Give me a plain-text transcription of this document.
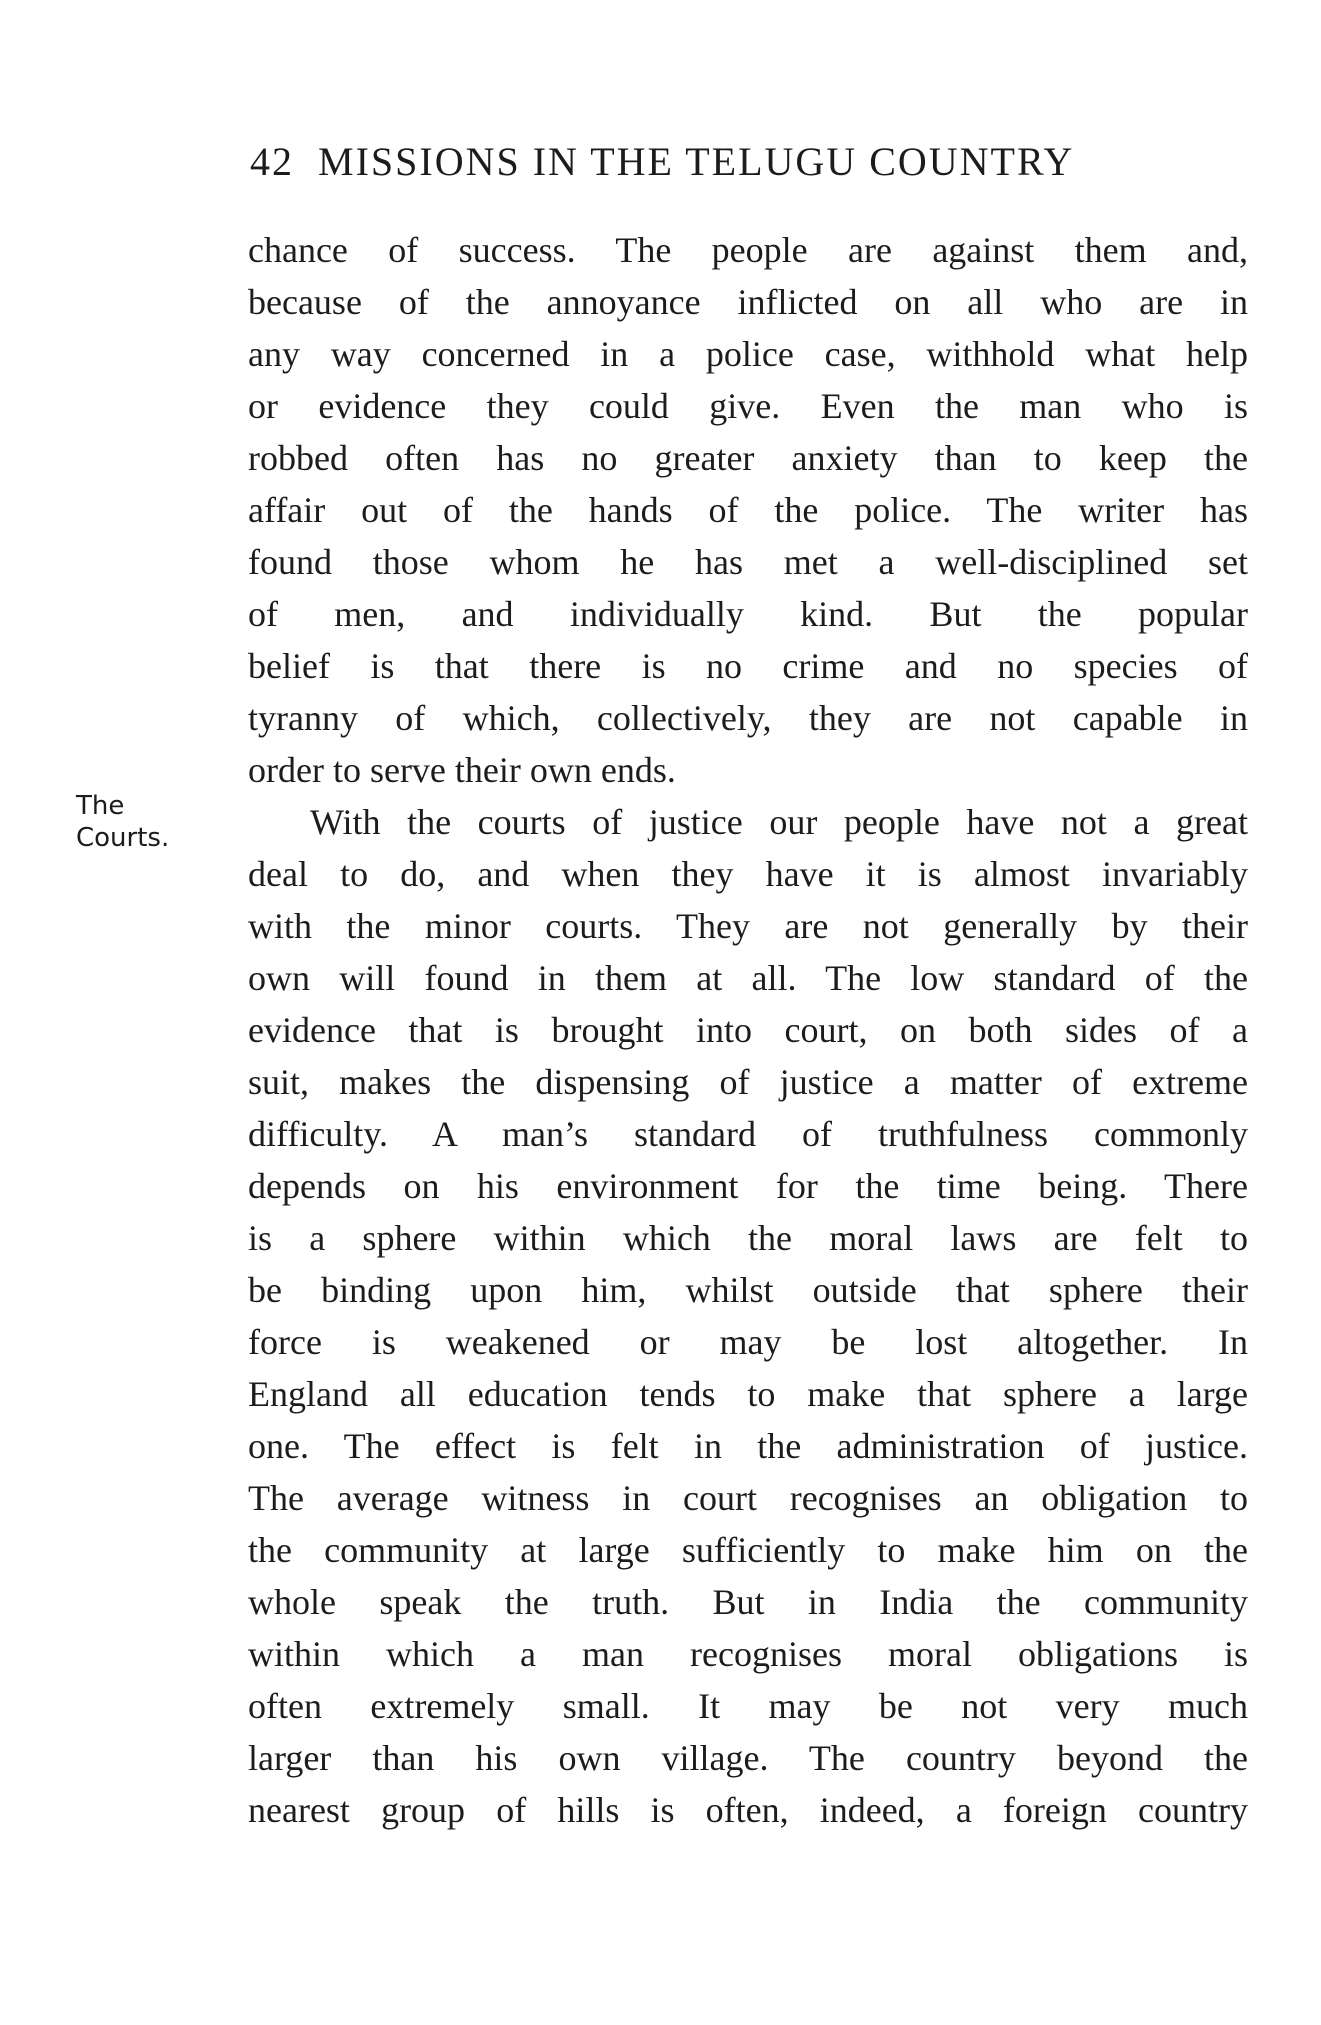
42 MISSIONS IN THE TELUGU COUNTRY
The
Courts.
chance of success. The people are against them and,
because of the annoyance inflicted on all who are in
any way concerned in a police case, withhold what help
or evidence they could give. Even the man who is
robbed often has no greater anxiety than to keep the
affair out of the hands of the police. The writer has
found those whom he has met a well-disciplined set
of men, and individually kind. But the popular
belief is that there is no crime and no species of
tyranny of which, collectively, they are not capable in
order to serve their own ends.
With the courts of justice our people have not a great
deal to do, and when they have it is almost invariably
with the minor courts. They are not generally by their
own will found in them at all. The low standard of the
evidence that is brought into court, on both sides of a
suit, makes the dispensing of justice a matter of extreme
difficulty. A man’s standard of truthfulness commonly
depends on his environment for the time being. There
is a sphere within which the moral laws are felt to
be binding upon him, whilst outside that sphere their
force is weakened or may be lost altogether. In
England all education tends to make that sphere a large
one. The effect is felt in the administration of justice.
The average witness in court recognises an obligation to
the community at large sufficiently to make him on the
whole speak the truth. But in India the community
within which a man recognises moral obligations is
often extremely small. It may be not very much
larger than his own village. The country beyond the
nearest group of hills is often, indeed, a foreign country
